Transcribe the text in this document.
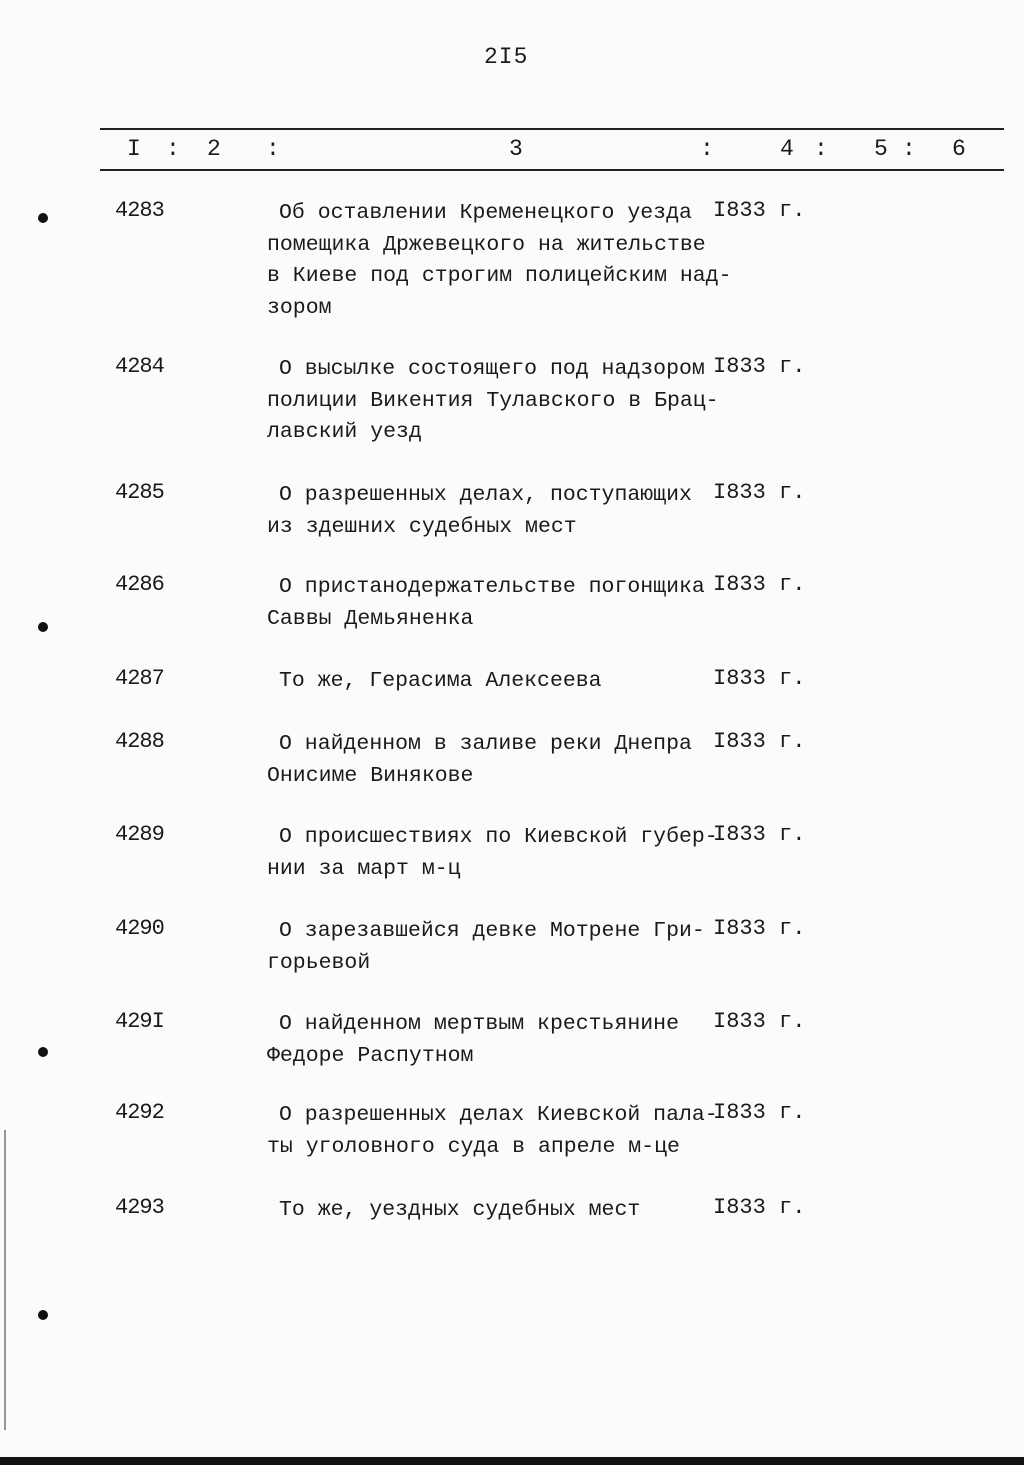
2I5
I : 2 :	3	:	4 : 5 : 6
4283	Об оставлении Кременецкого уезда
помещика Држевецкого на жительстве
в Киеве под строгим полицейским над-
зором
I833 г.
4284	О высылке состоящего под надзором
полиции Викентия Тулавского в Брац-
лавский уезд
I833 г.
4285	О разрешенных делах, поступающих
из здешних судебных мест
I833 г.
4286	О пристанодержательстве погонщика
Саввы Демьяненка
I833 г.
4287	То же, Герасима Алексеева	I833 г.
4288	О найденном в заливе реки Днепра
Онисиме Винякове
I833 г.
4289	О происшествиях по Киевской губер-
нии за март м-ц
I833 г.
4290	О зарезавшейся девке Мотрене Гри-
горьевой
I833 г.
429I	О найденном мертвым крестьянине
Федоре Распутном
I833 г.
4292	О разрешенных делах Киевской пала-
ты уголовного суда в апреле м-це
I833 г.
4293	То же, уездных судебных мест	I833 г.
